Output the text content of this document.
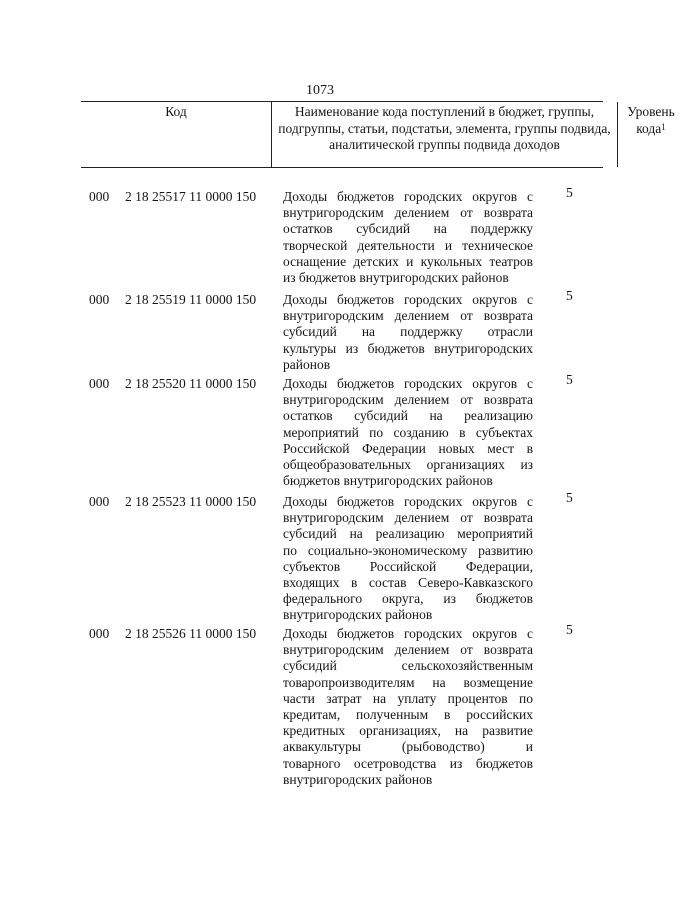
1073
Код	Наименование кода поступлений в бюджет, группы, подгруппы, статьи, подстатьи, элемента, группы подвида, аналитической группы подвида доходов
Уровень кода$^1$
000 2 18 25517 11 0000 150 Доходы бюджетов городских округов с
внутригородским делением от возврата
остатков субсидий на поддержку
творческой деятельности и техническое
оснащение детских и кукольных театров
из бюджетов внутригородских районов
5
000 2 18 25519 11 0000 150 Доходы бюджетов городских округов с
внутригородским делением от возврата
субсидий на поддержку отрасли
культуры из бюджетов внутригородских
районов
5
000 2 18 25520 11 0000 150 Доходы бюджетов городских округов с
внутригородским делением от возврата
остатков субсидий на реализацию
мероприятий по созданию в субъектах
Российской Федерации новых мест в
общеобразовательных организациях из
бюджетов внутригородских районов
5
000 2 18 25523 11 0000 150 Доходы бюджетов городских округов с
внутригородским делением от возврата
субсидий на реализацию мероприятий
по социально-экономическому развитию
субъектов Российской Федерации,
входящих в состав Северо-Кавказского
федерального округа, из бюджетов
внутригородских районов
5
000 2 18 25526 11 0000 150 Доходы бюджетов городских округов с
внутригородским делением от возврата
субсидий сельскохозяйственным
товаропроизводителям на возмещение
части затрат на уплату процентов по
кредитам, полученным в российских
кредитных организациях, на развитие
аквакультуры (рыбоводство) и
товарного осетроводства из бюджетов
внутригородских районов
5
